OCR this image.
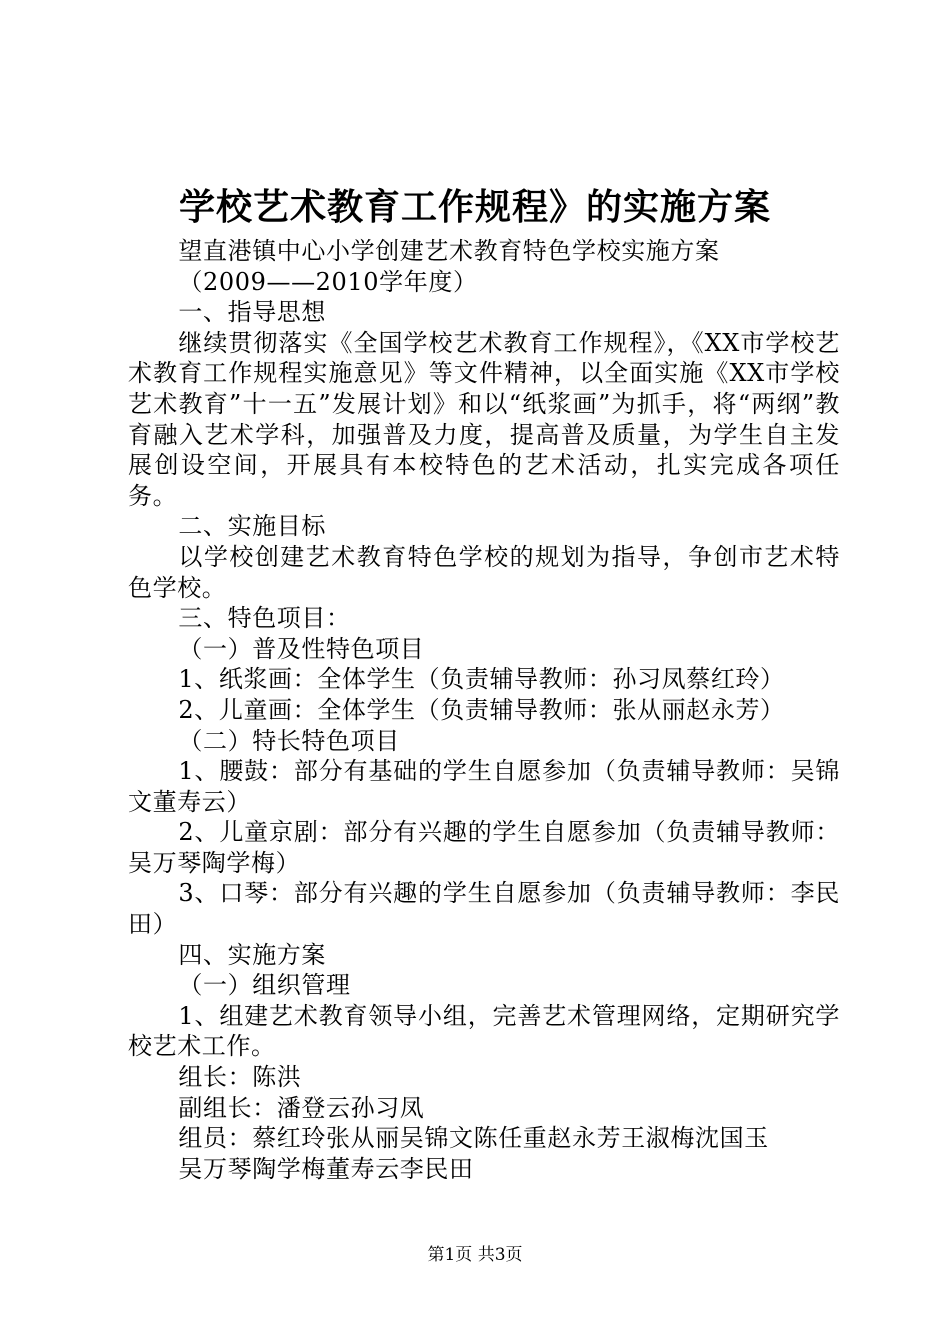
学校艺术教育工作规程》的实施方案

望直港镇中心小学创建艺术教育特色学校实施方案

（2009——2010学年度）

一、指导思想

继续贯彻落实《全国学校艺术教育工作规程》，《XX市学校艺术教育工作规程实施意见》等文件精神，以全面实施《XX市学校艺术教育”十一五”发展计划》和以“纸浆画”为抓手，将“两纲”教育融入艺术学科，加强普及力度，提高普及质量，为学生自主发展创设空间，开展具有本校特色的艺术活动，扎实完成各项任务。

二、实施目标

以学校创建艺术教育特色学校的规划为指导，争创市艺术特色学校。

三、特色项目：

（一）普及性特色项目

1、纸浆画：全体学生（负责辅导教师：孙习凤蔡红玲）

2、儿童画：全体学生（负责辅导教师：张从丽赵永芳）

（二）特长特色项目

1、腰鼓：部分有基础的学生自愿参加（负责辅导教师：吴锦文董寿云）

2、儿童京剧：部分有兴趣的学生自愿参加（负责辅导教师：吴万琴陶学梅）

3、口琴：部分有兴趣的学生自愿参加（负责辅导教师：李民田）

四、实施方案

（一）组织管理

1、组建艺术教育领导小组，完善艺术管理网络，定期研究学校艺术工作。

组长：陈洪

副组长：潘登云孙习凤

组员：蔡红玲张从丽吴锦文陈任重赵永芳王淑梅沈国玉

吴万琴陶学梅董寿云李民田

第1页 共3页
